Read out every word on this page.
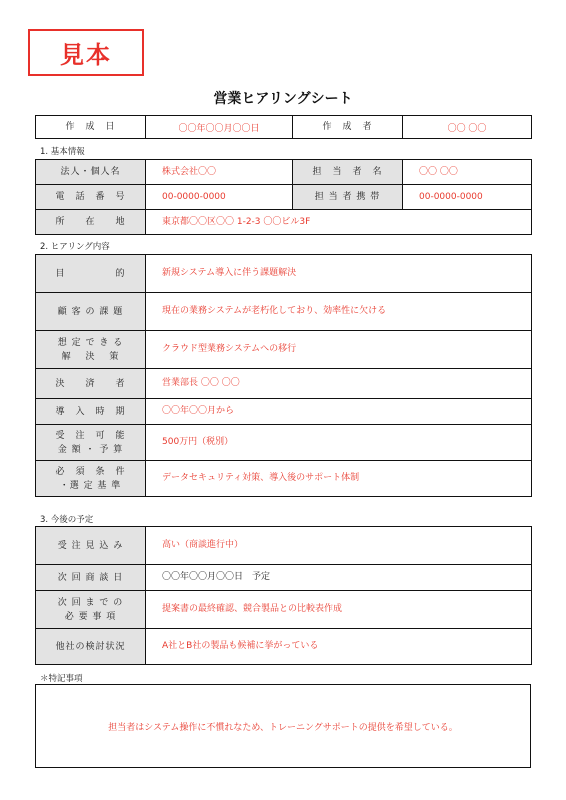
見本
営業ヒアリングシート
作　成　日	〇〇年〇〇月〇〇日	作　成　者	〇〇 〇〇
1. 基本情報
法人・個人名	株式会社〇〇	担　当　者　名	〇〇 〇〇
電　話　番　号	00-0000-0000	担 当 者 携 帯	00-0000-0000
所　　在　　地	東京都〇〇区〇〇 1-2-3 〇〇ビル3F		
2. ヒアリング内容
目　　　　　的	新規システム導入に伴う課題解決
顧 客 の 課 題	現在の業務システムが老朽化しており、効率性に欠ける
想 定 で き る
解　 決 　策	クラウド型業務システムへの移行
決　　済　　者	営業部長 〇〇 〇〇
導　入　時　期	〇〇年〇〇月から
受　注　可　能
金 額 ・ 予 算	500万円（税別）
必　須　条　件
・選 定 基 準	データセキュリティ対策、導入後のサポート体制
3. 今後の予定
受 注 見 込 み	高い（商談進行中）
次 回 商 談 日	〇〇年〇〇月〇〇日　予定
次 回 ま で の
必 要 事 項	提案書の最終確認、競合製品との比較表作成
他社の検討状況	A社とB社の製品も候補に挙がっている
＊特記事項
担当者はシステム操作に不慣れなため、トレーニングサポートの提供を希望している。
